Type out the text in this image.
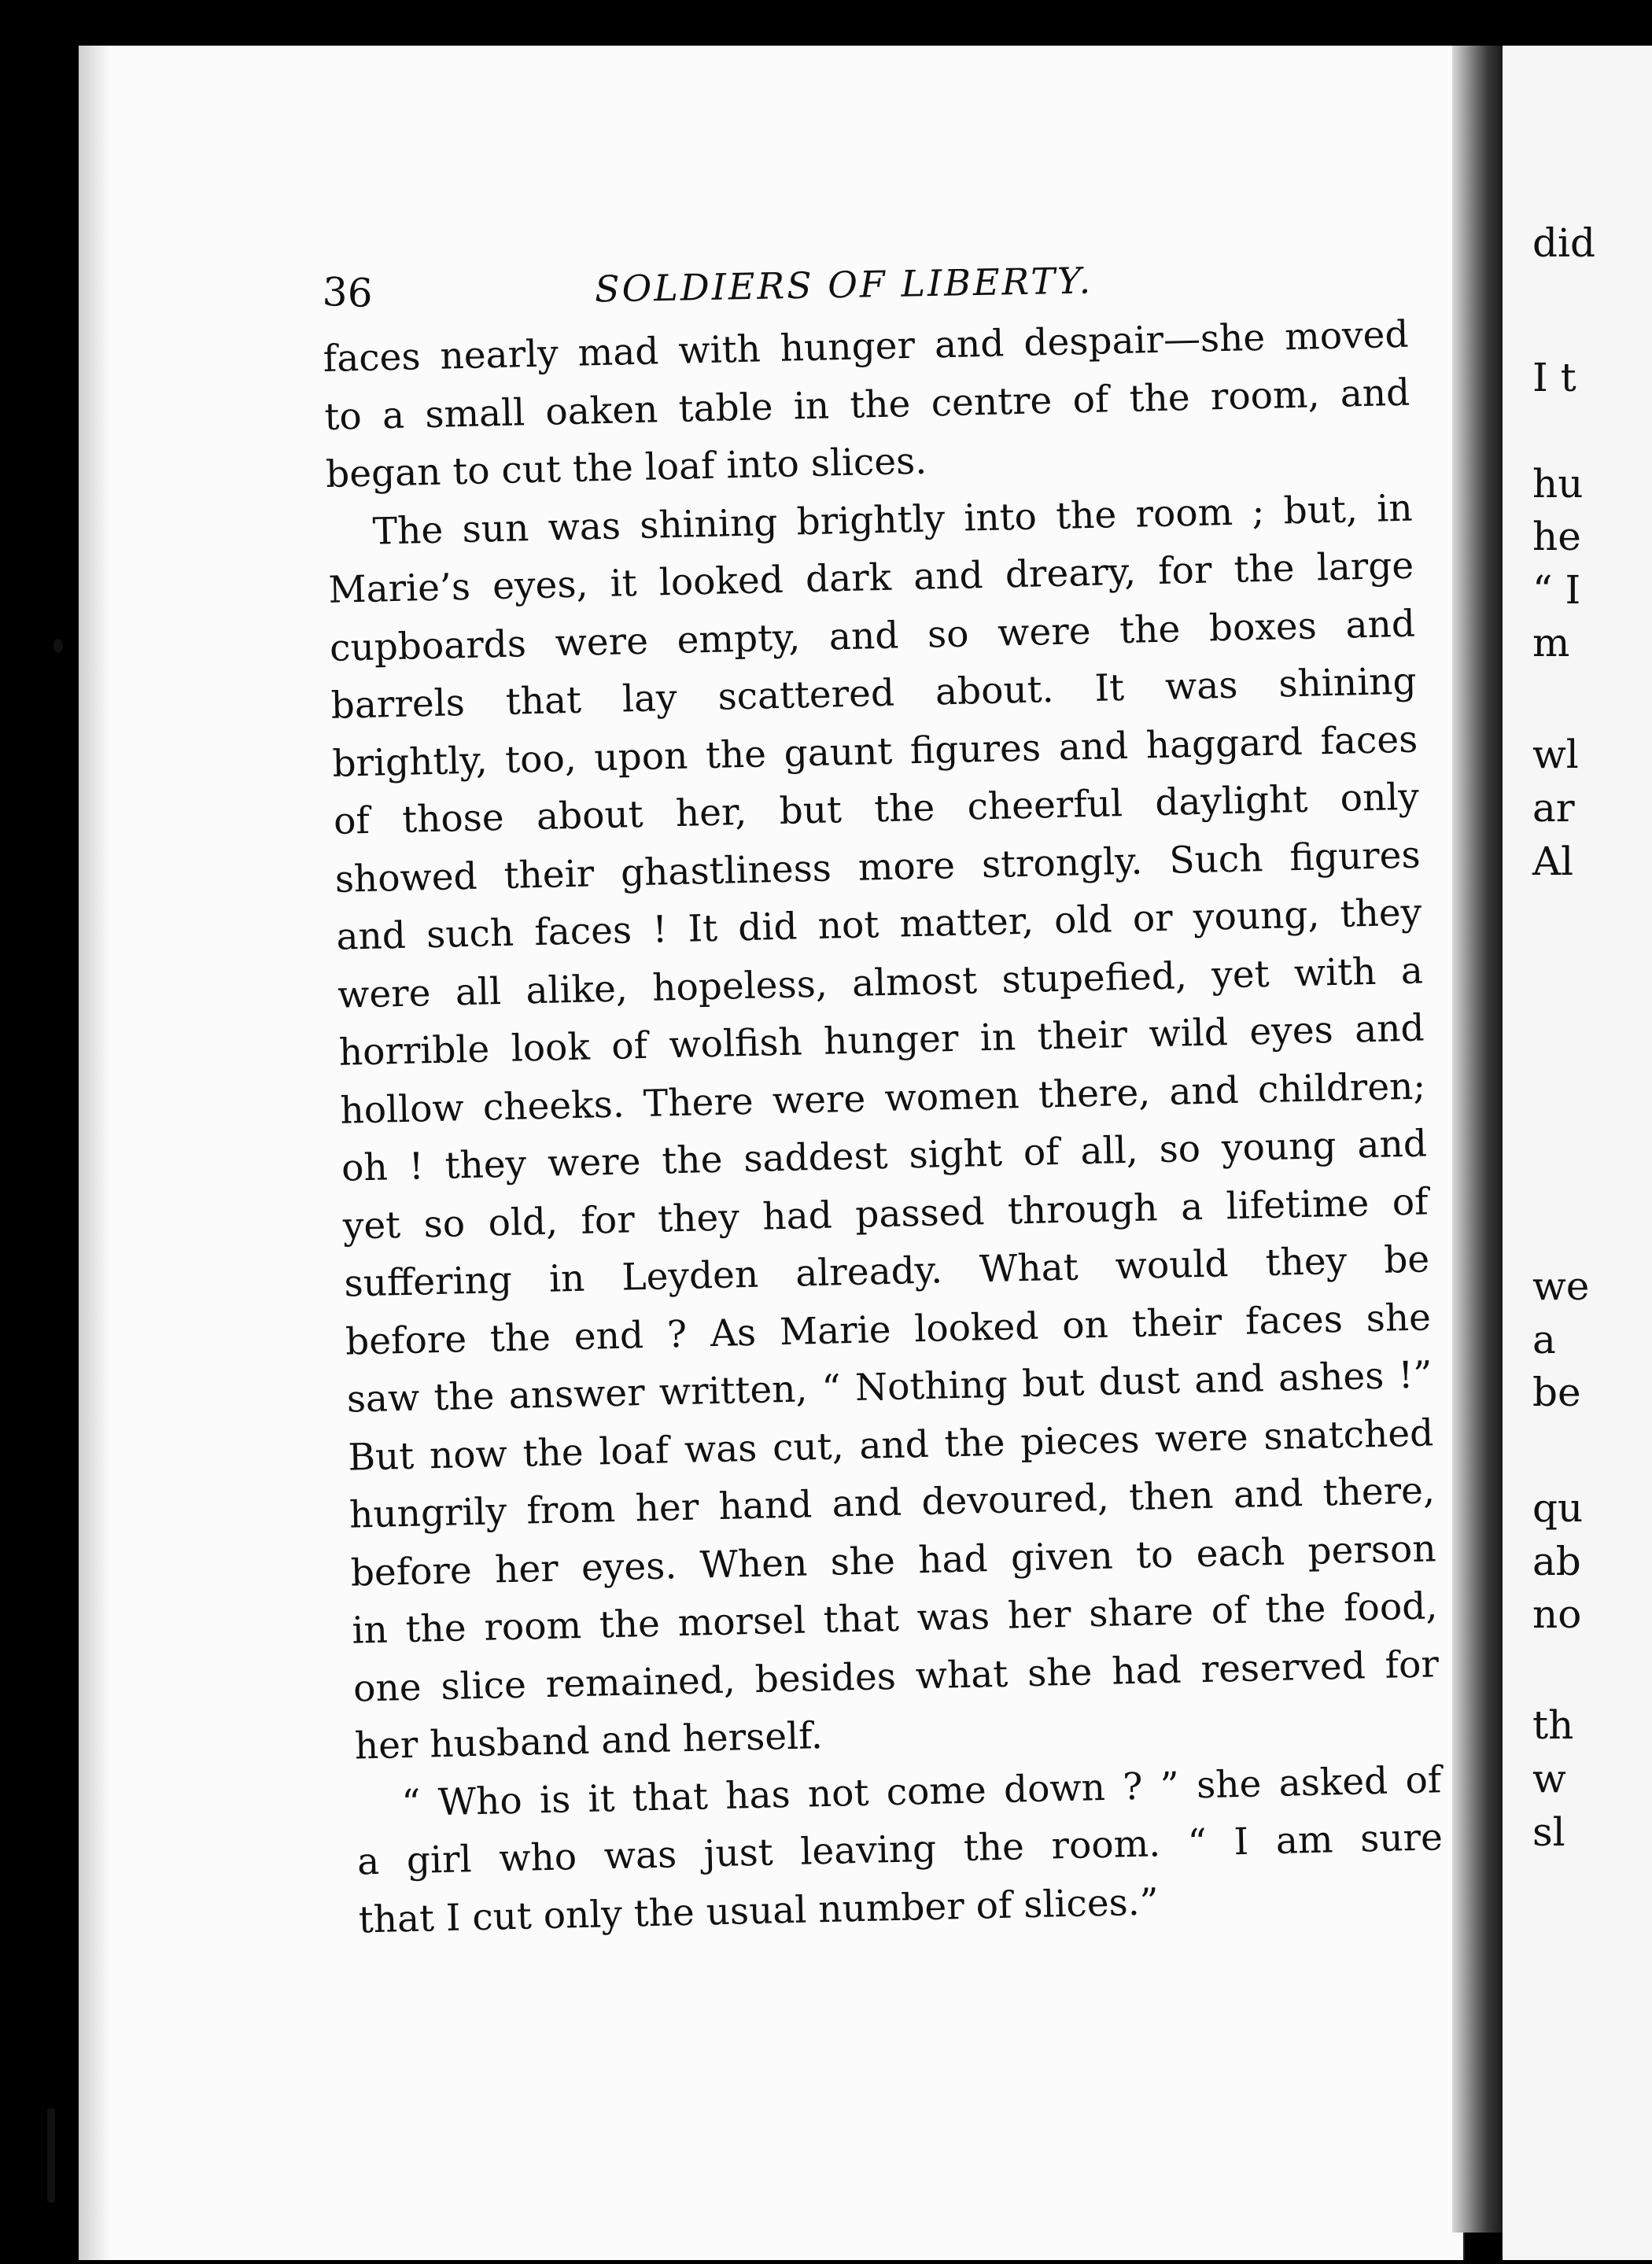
did
I t
hu
he
“ I
m
wl
ar
Al
we
a
be
qu
ab
no
th
w
sl
36	SOLDIERS OF LIBERTY.
faces nearly mad with hunger and despair—she moved
to a small oaken table in the centre of the room, and
began to cut the loaf into slices.
The sun was shining brightly into the room ; but, in
Marie’s eyes, it looked dark and dreary, for the large
cupboards were empty, and so were the boxes and
barrels that lay scattered about. It was shining
brightly, too, upon the gaunt figures and haggard faces
of those about her, but the cheerful daylight only
showed their ghastliness more strongly. Such figures
and such faces ! It did not matter, old or young, they
were all alike, hopeless, almost stupefied, yet with a
horrible look of wolfish hunger in their wild eyes and
hollow cheeks. There were women there, and children;
oh ! they were the saddest sight of all, so young and
yet so old, for they had passed through a lifetime of
suffering in Leyden already. What would they be
before the end ? As Marie looked on their faces she
saw the answer written, “ Nothing but dust and ashes !”
But now the loaf was cut, and the pieces were snatched
hungrily from her hand and devoured, then and there,
before her eyes. When she had given to each person
in the room the morsel that was her share of the food,
one slice remained, besides what she had reserved for
her husband and herself.
“ Who is it that has not come down ? ” she asked of
a girl who was just leaving the room. “ I am sure
that I cut only the usual number of slices.”
